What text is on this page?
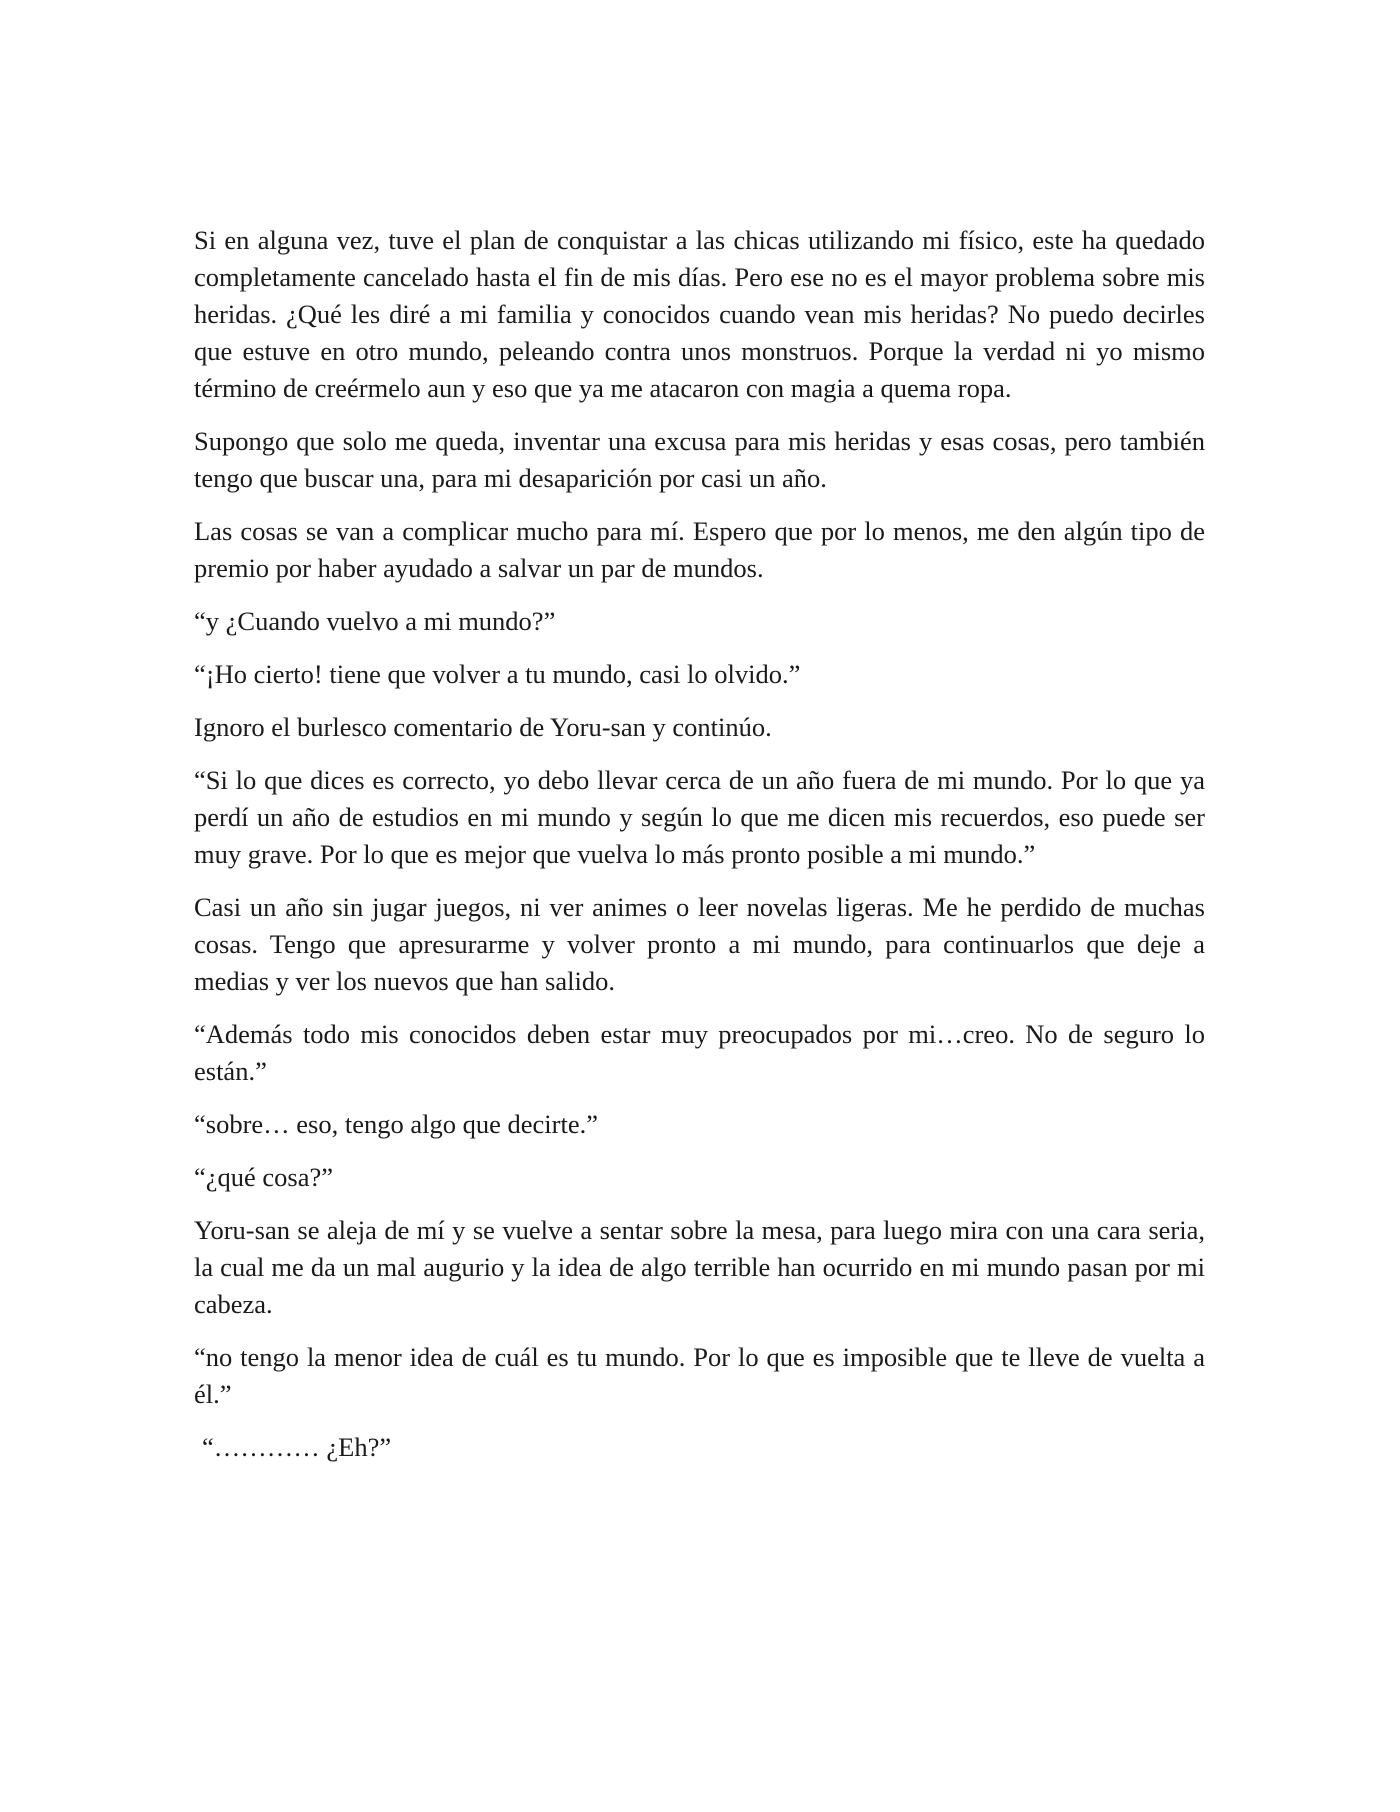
Si en alguna vez, tuve el plan de conquistar a las chicas utilizando mi físico, este ha quedado completamente cancelado hasta el fin de mis días. Pero ese no es el mayor problema sobre mis heridas. ¿Qué les diré a mi familia y conocidos cuando vean mis heridas? No puedo decirles que estuve en otro mundo, peleando contra unos monstruos. Porque la verdad ni yo mismo término de creérmelo aun y eso que ya me atacaron con magia a quema ropa.

Supongo que solo me queda, inventar una excusa para mis heridas y esas cosas, pero también tengo que buscar una, para mi desaparición por casi un año.

Las cosas se van a complicar mucho para mí. Espero que por lo menos, me den algún tipo de premio por haber ayudado a salvar un par de mundos.

“y ¿Cuando vuelvo a mi mundo?”

“¡Ho cierto! tiene que volver a tu mundo, casi lo olvido.”

Ignoro el burlesco comentario de Yoru-san y continúo.

“Si lo que dices es correcto, yo debo llevar cerca de un año fuera de mi mundo. Por lo que ya perdí un año de estudios en mi mundo y según lo que me dicen mis recuerdos, eso puede ser muy grave. Por lo que es mejor que vuelva lo más pronto posible a mi mundo.”

Casi un año sin jugar juegos, ni ver animes o leer novelas ligeras. Me he perdido de muchas cosas. Tengo que apresurarme y volver pronto a mi mundo, para continuarlos que deje a medias y ver los nuevos que han salido.

“Además todo mis conocidos deben estar muy preocupados por mi…creo. No de seguro lo están.”

“sobre… eso, tengo algo que decirte.”

“¿qué cosa?”

Yoru-san se aleja de mí y se vuelve a sentar sobre la mesa, para luego mira con una cara seria, la cual me da un mal augurio y la idea de algo terrible han ocurrido en mi mundo pasan por mi cabeza.

“no tengo la menor idea de cuál es tu mundo. Por lo que es imposible que te lleve de vuelta a él.”

“………… ¿Eh?”
